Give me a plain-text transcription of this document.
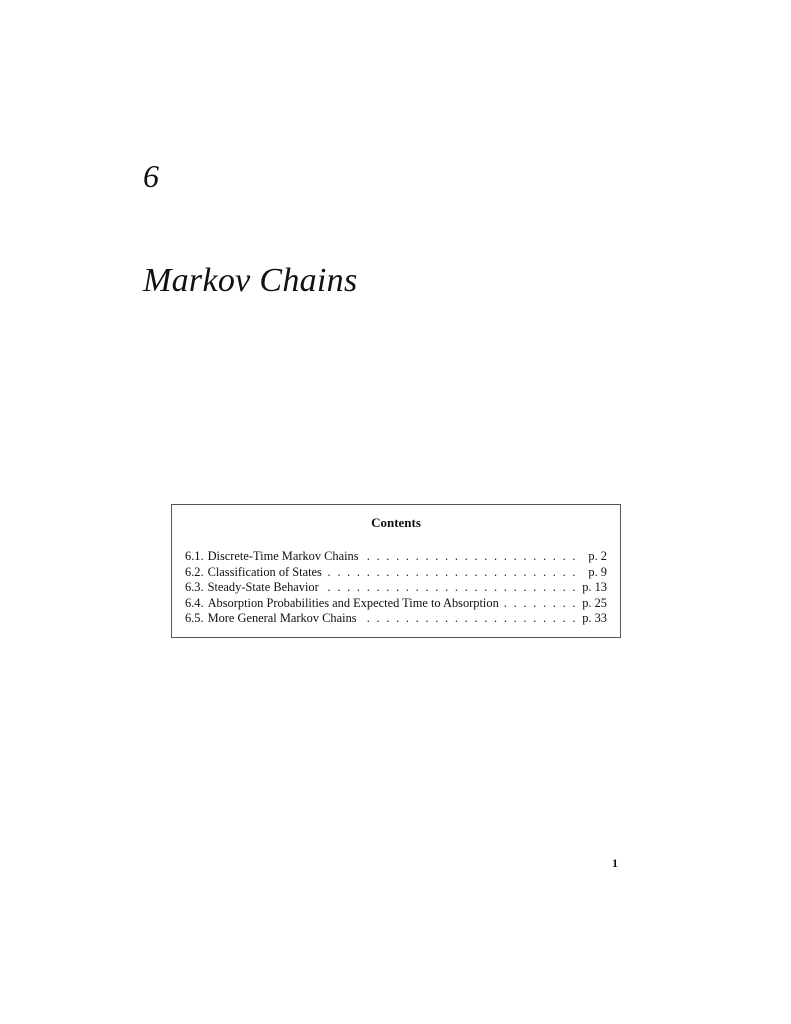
6
Markov Chains
Contents
6.1. Discrete-Time Markov Chains . . .	p. 2
6.2. Classification of States . . .	p. 9
6.3. Steady-State Behavior . . .	p. 13
6.4. Absorption Probabilities and Expected Time to Absorption . . .	p. 25
6.5. More General Markov Chains . . .	p. 33
1
